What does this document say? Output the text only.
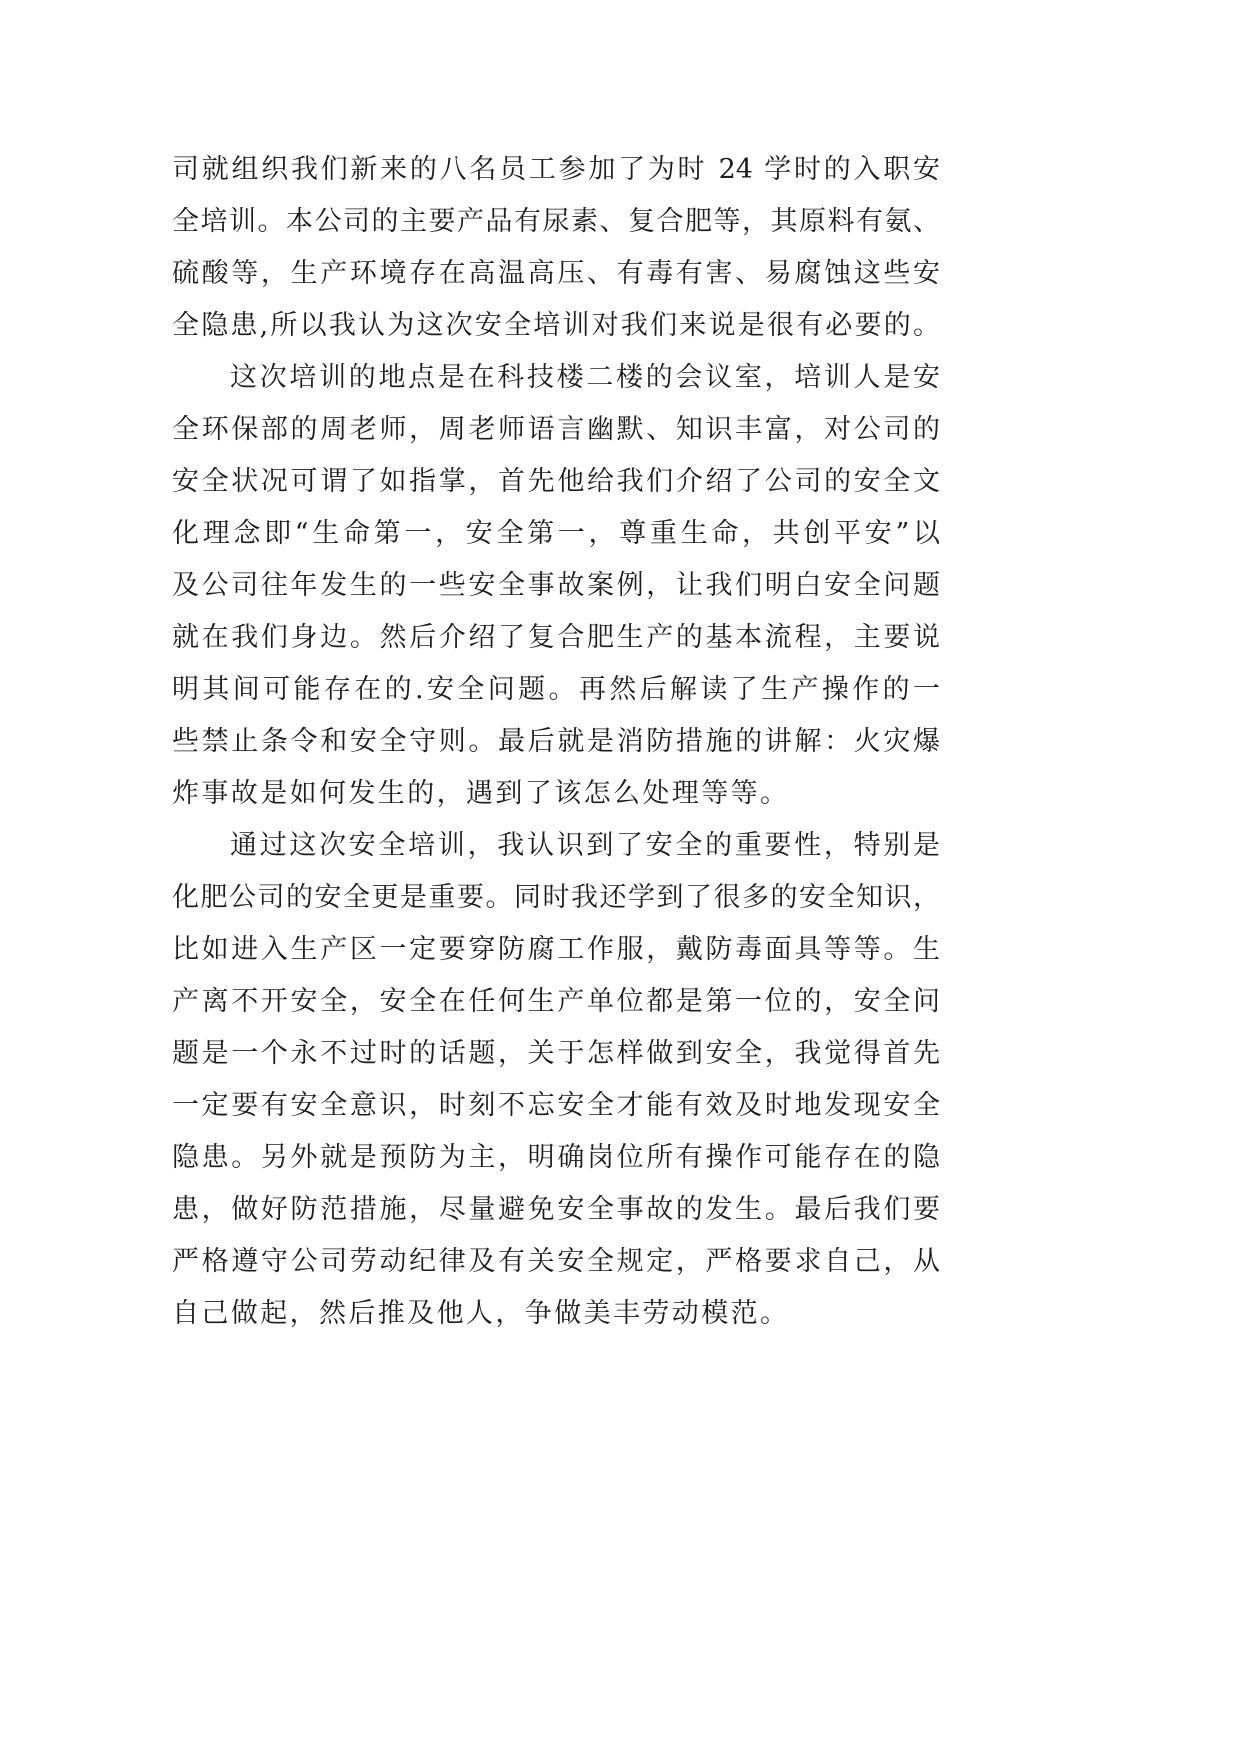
司就组织我们新来的八名员工参加了为时 24 学时的入职安
全培训。本公司的主要产品有尿素、复合肥等，其原料有氨、
硫酸等，生产环境存在高温高压、有毒有害、易腐蚀这些安
全隐患,所以我认为这次安全培训对我们来说是很有必要的。
这次培训的地点是在科技楼二楼的会议室，培训人是安
全环保部的周老师，周老师语言幽默、知识丰富，对公司的
安全状况可谓了如指掌，首先他给我们介绍了公司的安全文
化理念即“生命第一，安全第一，尊重生命，共创平安”以
及公司往年发生的一些安全事故案例，让我们明白安全问题
就在我们身边。然后介绍了复合肥生产的基本流程，主要说
明其间可能存在的.安全问题。再然后解读了生产操作的一
些禁止条令和安全守则。最后就是消防措施的讲解：火灾爆
炸事故是如何发生的，遇到了该怎么处理等等。
通过这次安全培训，我认识到了安全的重要性，特别是
化肥公司的安全更是重要。同时我还学到了很多的安全知识，
比如进入生产区一定要穿防腐工作服，戴防毒面具等等。生
产离不开安全，安全在任何生产单位都是第一位的，安全问
题是一个永不过时的话题，关于怎样做到安全，我觉得首先
一定要有安全意识，时刻不忘安全才能有效及时地发现安全
隐患。另外就是预防为主，明确岗位所有操作可能存在的隐
患，做好防范措施，尽量避免安全事故的发生。最后我们要
严格遵守公司劳动纪律及有关安全规定，严格要求自己，从
自己做起，然后推及他人，争做美丰劳动模范。
